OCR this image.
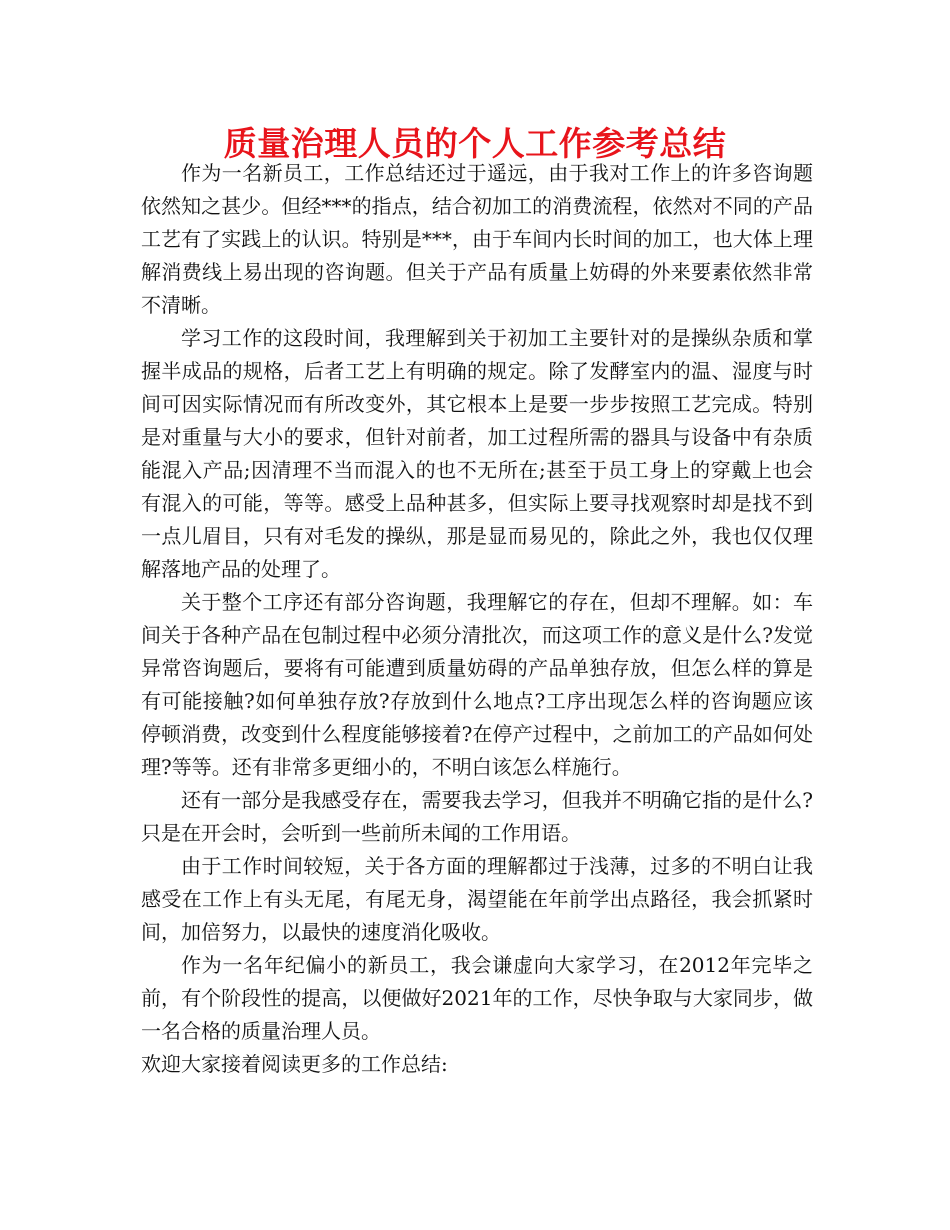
质量治理人员的个人工作参考总结

作为一名新员工，工作总结还过于遥远，由于我对工作上的许多咨询题依然知之甚少。但经***的指点，结合初加工的消费流程，依然对不同的产品工艺有了实践上的认识。特别是***，由于车间内长时间的加工，也大体上理解消费线上易出现的咨询题。但关于产品有质量上妨碍的外来要素依然非常不清晰。

学习工作的这段时间，我理解到关于初加工主要针对的是操纵杂质和掌握半成品的规格，后者工艺上有明确的规定。除了发酵室内的温、湿度与时间可因实际情况而有所改变外，其它根本上是要一步步按照工艺完成。特别是对重量与大小的要求，但针对前者，加工过程所需的器具与设备中有杂质能混入产品;因清理不当而混入的也不无所在;甚至于员工身上的穿戴上也会有混入的可能，等等。感受上品种甚多，但实际上要寻找观察时却是找不到一点儿眉目，只有对毛发的操纵，那是显而易见的，除此之外，我也仅仅理解落地产品的处理了。

关于整个工序还有部分咨询题，我理解它的存在，但却不理解。如：车间关于各种产品在包制过程中必须分清批次，而这项工作的意义是什么?发觉异常咨询题后，要将有可能遭到质量妨碍的产品单独存放，但怎么样的算是有可能接触?如何单独存放?存放到什么地点?工序出现怎么样的咨询题应该停顿消费，改变到什么程度能够接着?在停产过程中，之前加工的产品如何处理?等等。还有非常多更细小的，不明白该怎么样施行。

还有一部分是我感受存在，需要我去学习，但我并不明确它指的是什么?只是在开会时，会听到一些前所未闻的工作用语。

由于工作时间较短，关于各方面的理解都过于浅薄，过多的不明白让我感受在工作上有头无尾，有尾无身，渴望能在年前学出点路径，我会抓紧时间，加倍努力，以最快的速度消化吸收。

作为一名年纪偏小的新员工，我会谦虚向大家学习，在2012年完毕之前，有个阶段性的提高，以便做好2021年的工作，尽快争取与大家同步，做一名合格的质量治理人员。

欢迎大家接着阅读更多的工作总结:
